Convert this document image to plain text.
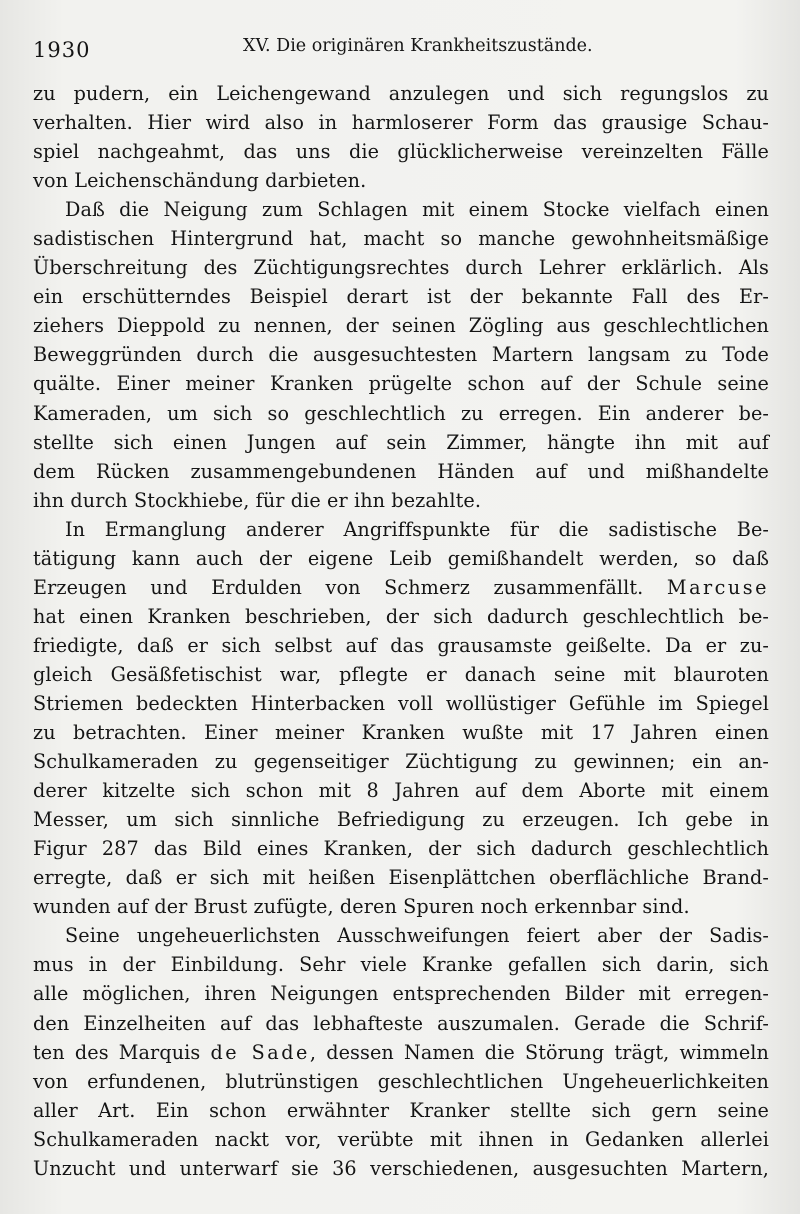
1930	XV. Die originären Krankheitszustände.
zu pudern, ein Leichengewand anzulegen und sich regungslos zu
verhalten. Hier wird also in harmloserer Form das grausige Schau-
spiel nachgeahmt, das uns die glücklicherweise vereinzelten Fälle
von Leichenschändung darbieten.
Daß die Neigung zum Schlagen mit einem Stocke vielfach einen
sadistischen Hintergrund hat, macht so manche gewohnheitsmäßige
Überschreitung des Züchtigungsrechtes durch Lehrer erklärlich. Als
ein erschütterndes Beispiel derart ist der bekannte Fall des Er-
ziehers Dieppold zu nennen, der seinen Zögling aus geschlechtlichen
Beweggründen durch die ausgesuchtesten Martern langsam zu Tode
quälte. Einer meiner Kranken prügelte schon auf der Schule seine
Kameraden, um sich so geschlechtlich zu erregen. Ein anderer be-
stellte sich einen Jungen auf sein Zimmer, hängte ihn mit auf
dem Rücken zusammengebundenen Händen auf und mißhandelte
ihn durch Stockhiebe, für die er ihn bezahlte.
In Ermanglung anderer Angriffspunkte für die sadistische Be-
tätigung kann auch der eigene Leib gemißhandelt werden, so daß
Erzeugen und Erdulden von Schmerz zusammenfällt. Marcuse
hat einen Kranken beschrieben, der sich dadurch geschlechtlich be-
friedigte, daß er sich selbst auf das grausamste geißelte. Da er zu-
gleich Gesäßfetischist war, pflegte er danach seine mit blauroten
Striemen bedeckten Hinterbacken voll wollüstiger Gefühle im Spiegel
zu betrachten. Einer meiner Kranken wußte mit 17 Jahren einen
Schulkameraden zu gegenseitiger Züchtigung zu gewinnen; ein an-
derer kitzelte sich schon mit 8 Jahren auf dem Aborte mit einem
Messer, um sich sinnliche Befriedigung zu erzeugen. Ich gebe in
Figur 287 das Bild eines Kranken, der sich dadurch geschlechtlich
erregte, daß er sich mit heißen Eisenplättchen oberflächliche Brand-
wunden auf der Brust zufügte, deren Spuren noch erkennbar sind.
Seine ungeheuerlichsten Ausschweifungen feiert aber der Sadis-
mus in der Einbildung. Sehr viele Kranke gefallen sich darin, sich
alle möglichen, ihren Neigungen entsprechenden Bilder mit erregen-
den Einzelheiten auf das lebhafteste auszumalen. Gerade die Schrif-
ten des Marquis de Sade, dessen Namen die Störung trägt, wimmeln
von erfundenen, blutrünstigen geschlechtlichen Ungeheuerlichkeiten
aller Art. Ein schon erwähnter Kranker stellte sich gern seine
Schulkameraden nackt vor, verübte mit ihnen in Gedanken allerlei
Unzucht und unterwarf sie 36 verschiedenen, ausgesuchten Martern,
